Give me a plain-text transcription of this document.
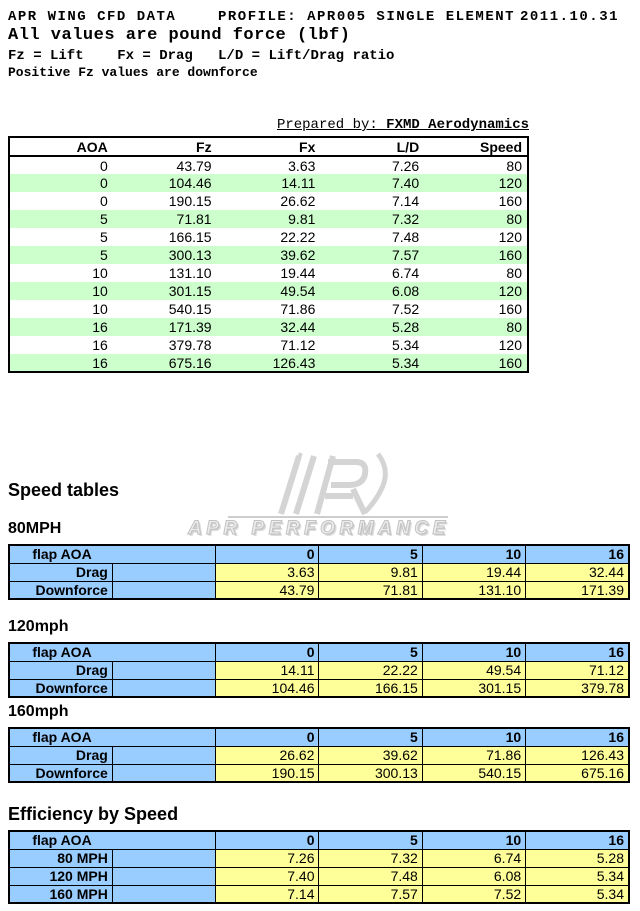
APR PERFORMANCE
APR WING CFD DATA	PROFILE: APR005 SINGLE ELEMENT 2011.10.31
All values are pound force (lbf)
Fz = Lift    Fx = Drag   L/D = Lift/Drag ratio
Positive Fz values are downforce
Prepared by: FXMD Aerodynamics
AOA	Fz	Fx	L/D	Speed
0	43.79	3.63	7.26	80
0	104.46	14.11	7.40	120
0	190.15	26.62	7.14	160
5	71.81	9.81	7.32	80
5	166.15	22.22	7.48	120
5	300.13	39.62	7.57	160
10	131.10	19.44	6.74	80
10	301.15	49.54	6.08	120
10	540.15	71.86	7.52	160
16	171.39	32.44	5.28	80
16	379.78	71.12	5.34	120
16	675.16	126.43	5.34	160
Speed tables
80MPH
flap AOA		0	5	10	16
Drag		3.63	9.81	19.44	32.44
Downforce		43.79	71.81	131.10	171.39
120mph
flap AOA		0	5	10	16
Drag		14.11	22.22	49.54	71.12
Downforce		104.46	166.15	301.15	379.78
160mph
flap AOA		0	5	10	16
Drag		26.62	39.62	71.86	126.43
Downforce		190.15	300.13	540.15	675.16
Efficiency by Speed
flap AOA		0	5	10	16
80 MPH		7.26	7.32	6.74	5.28
120 MPH		7.40	7.48	6.08	5.34
160 MPH		7.14	7.57	7.52	5.34
